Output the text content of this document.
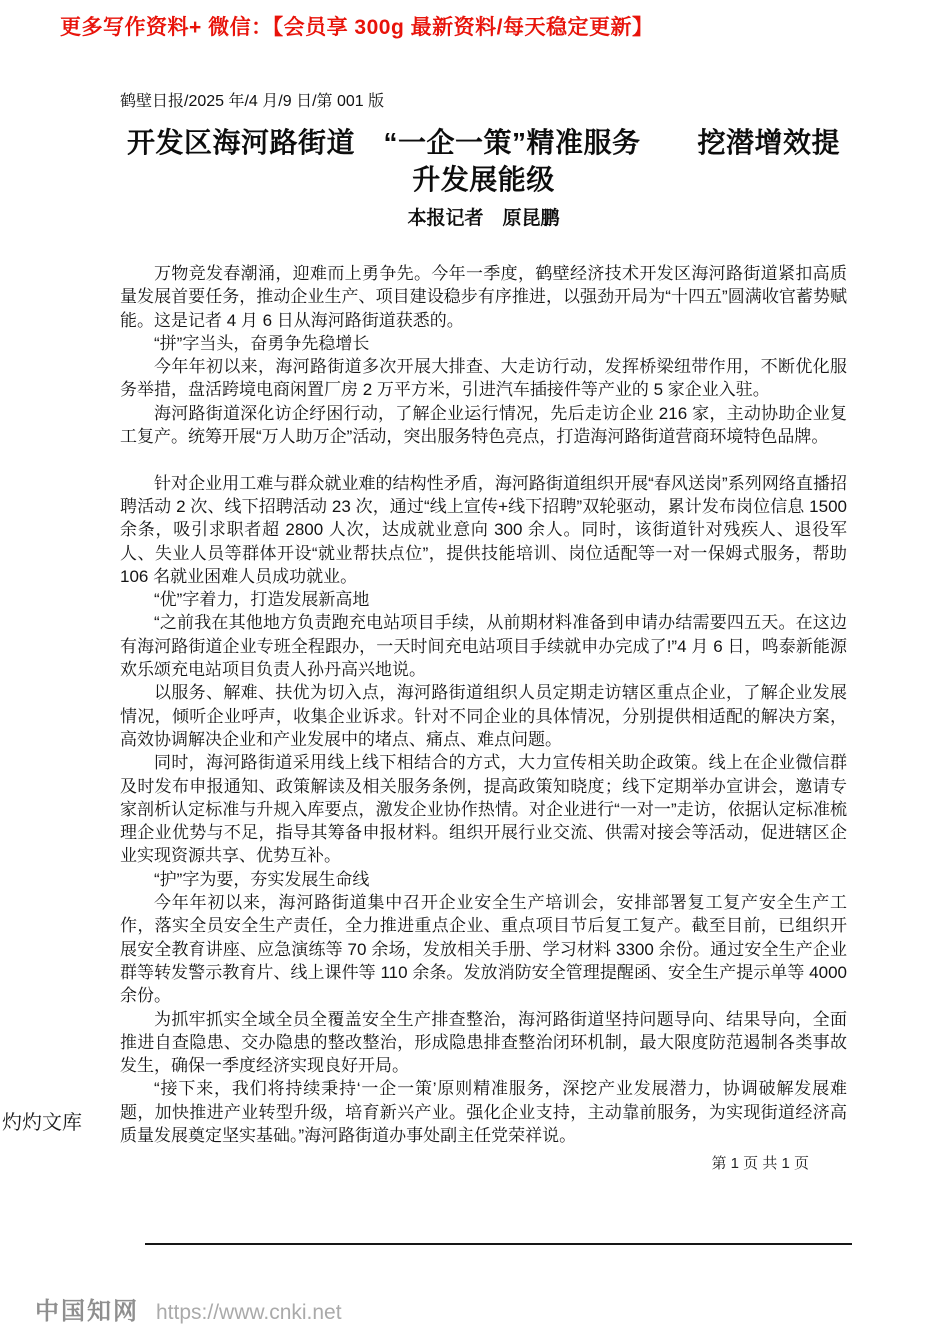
更多写作资料+ 微信：【会员享 300g 最新资料/每天稳定更新】
鹤壁日报/2025 年/4 月/9 日/第 001 版
开发区海河路街道　“一企一策”精准服务　　挖潜增效提升发展能级
本报记者　原昆鹏

万物竞发春潮涌，迎难而上勇争先。今年一季度，鹤壁经济技术开发区海河路街道紧扣高质量发展首要任务，推动企业生产、项目建设稳步有序推进，以强劲开局为“十四五”圆满收官蓄势赋能。这是记者 4 月 6 日从海河路街道获悉的。

“拼”字当头，奋勇争先稳增长

今年年初以来，海河路街道多次开展大排查、大走访行动，发挥桥梁纽带作用，不断优化服务举措，盘活跨境电商闲置厂房 2 万平方米，引进汽车插接件等产业的 5 家企业入驻。

海河路街道深化访企纾困行动，了解企业运行情况，先后走访企业 216 家，主动协助企业复工复产。统筹开展“万人助万企”活动，突出服务特色亮点，打造海河路街道营商环境特色品牌。

针对企业用工难与群众就业难的结构性矛盾，海河路街道组织开展“春风送岗”系列网络直播招聘活动 2 次、线下招聘活动 23 次，通过“线上宣传+线下招聘”双轮驱动，累计发布岗位信息 1500 余条，吸引求职者超 2800 人次，达成就业意向 300 余人。同时，该街道针对残疾人、退役军人、失业人员等群体开设“就业帮扶点位”，提供技能培训、岗位适配等一对一保姆式服务，帮助 106 名就业困难人员成功就业。

“优”字着力，打造发展新高地

“之前我在其他地方负责跑充电站项目手续，从前期材料准备到申请办结需要四五天。在这边有海河路街道企业专班全程跟办，一天时间充电站项目手续就申办完成了!”4 月 6 日，鸣泰新能源欢乐颂充电站项目负责人孙丹高兴地说。

以服务、解难、扶优为切入点，海河路街道组织人员定期走访辖区重点企业，了解企业发展情况，倾听企业呼声，收集企业诉求。针对不同企业的具体情况，分别提供相适配的解决方案，高效协调解决企业和产业发展中的堵点、痛点、难点问题。

同时，海河路街道采用线上线下相结合的方式，大力宣传相关助企政策。线上在企业微信群及时发布申报通知、政策解读及相关服务条例，提高政策知晓度；线下定期举办宣讲会，邀请专家剖析认定标准与升规入库要点，激发企业协作热情。对企业进行“一对一”走访，依据认定标准梳理企业优势与不足，指导其筹备申报材料。组织开展行业交流、供需对接会等活动，促进辖区企业实现资源共享、优势互补。

“护”字为要，夯实发展生命线

今年年初以来，海河路街道集中召开企业安全生产培训会，安排部署复工复产安全生产工作，落实全员安全生产责任，全力推进重点企业、重点项目节后复工复产。截至目前，已组织开展安全教育讲座、应急演练等 70 余场，发放相关手册、学习材料 3300 余份。通过安全生产企业群等转发警示教育片、线上课件等 110 余条。发放消防安全管理提醒函、安全生产提示单等 4000 余份。

为抓牢抓实全域全员全覆盖安全生产排查整治，海河路街道坚持问题导向、结果导向，全面推进自查隐患、交办隐患的整改整治，形成隐患排查整治闭环机制，最大限度防范遏制各类事故发生，确保一季度经济实现良好开局。

“接下来，我们将持续秉持‘一企一策’原则精准服务，深挖产业发展潜力，协调破解发展难题，加快推进产业转型升级，培育新兴产业。强化企业支持，主动靠前服务，为实现街道经济高质量发展奠定坚实基础。”海河路街道办事处副主任党荣祥说。

第 1 页 共 1 页
灼灼文库
中国知网 https://www.cnki.net
